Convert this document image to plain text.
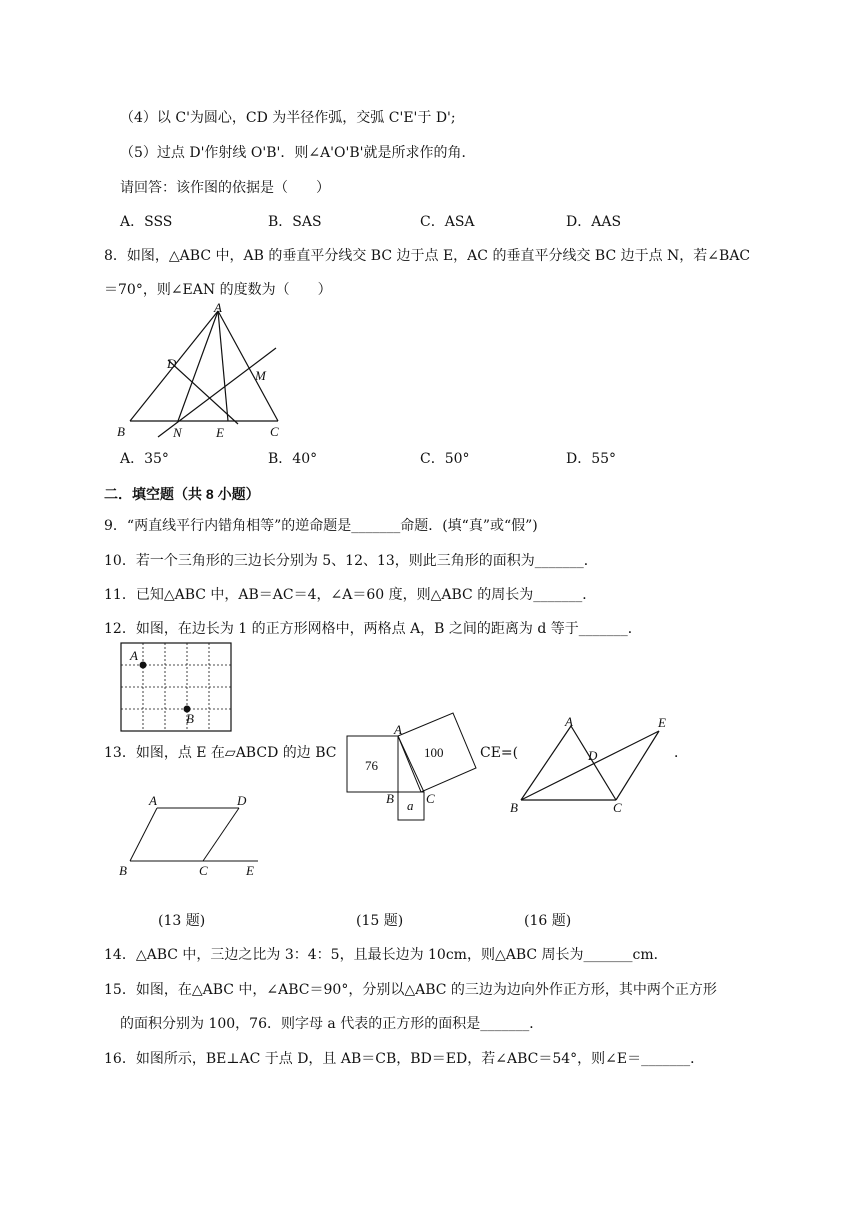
（4）以 C'为圆心，CD 为半径作弧，交弧 C'E'于 D';
（5）过点 D'作射线 O'B'．则∠A'O'B'就是所求作的角．
请回答：该作图的依据是（　　）
A．SSS	B．SAS	C．ASA	D．AAS
8．如图，△ABC 中，AB 的垂直平分线交 BC 边于点 E，AC 的垂直平分线交 BC 边于点 N，若∠BAC
＝70°，则∠EAN 的度数为（　　）
A
B	C
D
E
M
N
A．35°	B．40°	C．50°	D．55°
二．填空题（共 8 小题）
9．“两直线平行内错角相等”的逆命题是_______命题．(填“真”或“假”)
10．若一个三角形的三边长分别为 5、12、13，则此三角形的面积为_______．
11．已知△ABC 中，AB＝AC＝4，∠A＝60 度，则△ABC 的周长为_______．
12．如图，在边长为 1 的正方形网格中，两格点 A，B 之间的距离为 d 等于_______．
A
B
13．如图，点 E 在▱ABCD 的边 BC	CE=(	．
76
100
a
A
B C
A
B	C
D
E
A
B	C
D
E
(13 题)	(15 题)	(16 题)
14．△ABC 中，三边之比为 3：4：5，且最长边为 10cm，则△ABC 周长为_______cm．
15．如图，在△ABC 中，∠ABC＝90°，分别以△ABC 的三边为边向外作正方形，其中两个正方形
的面积分别为 100，76．则字母 a 代表的正方形的面积是_______．
16．如图所示，BE⊥AC 于点 D，且 AB＝CB，BD＝ED，若∠ABC＝54°，则∠E＝_______．
